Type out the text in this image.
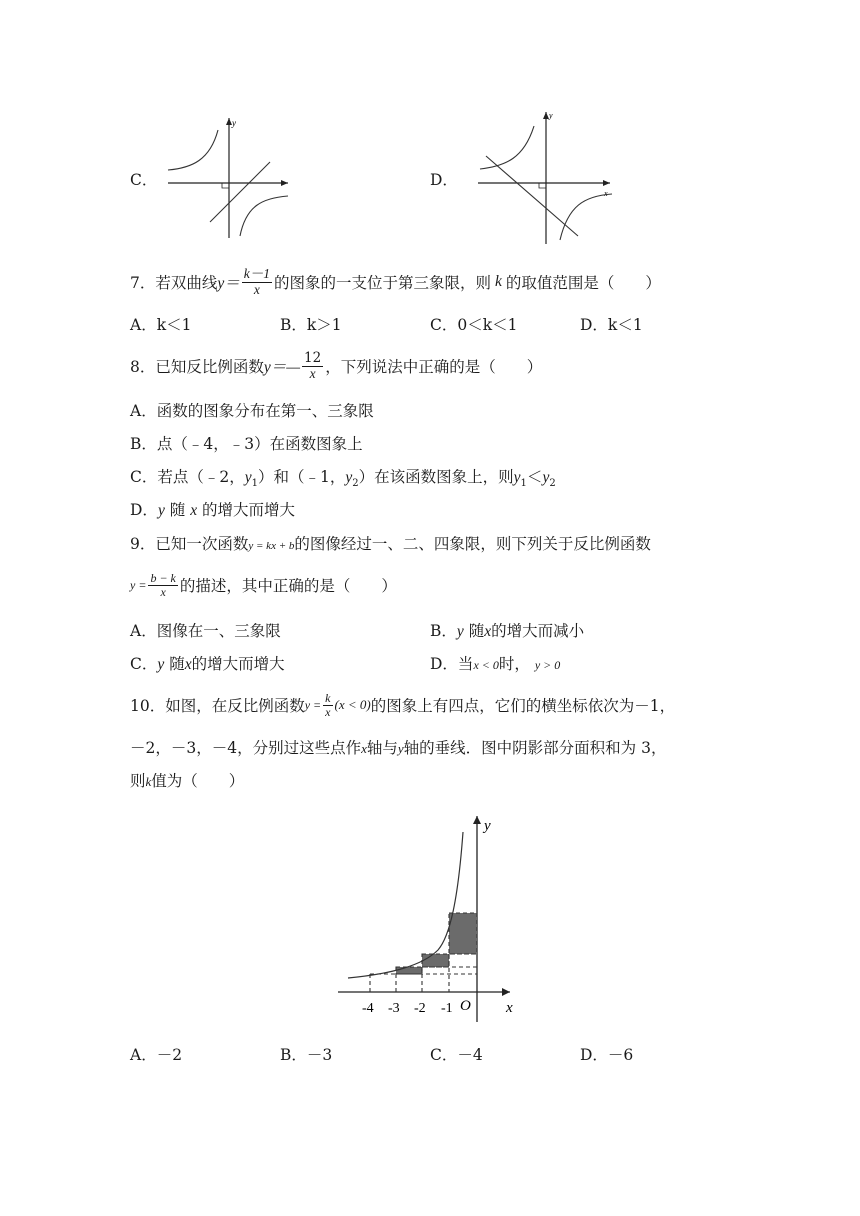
C．
y
D．
x
y
7．若双曲线 $y= \frac{k-1}{x}$ 的图象的一支位于第三象限，则 k 的取值范围是（　　）
A．k＜1	B．k＞1	C．0＜k＜1	D．k＜1
8．已知反比例函数 y＝— $\frac{12}{x}$ ，下列说法中正确的是（　　）
A．函数的图象分布在第一、三象限
B．点（﹣4，﹣3）在函数图象上
C．若点（﹣2，$y_1$）和（﹣1，$y_2$）在该函数图象上，则$y_1<y_2$
D．y 随 x 的增大而增大
9．已知一次函数y = kx + b的图像经过一、二、四象限，则下列关于反比例函数
$y = \frac{b - k}{x}$ 的描述，其中正确的是（　　）
A．图像在一、三象限	B．y 随x的增大而减小
C．y 随x的增大而增大	D．当x < 0时， y > 0
10．如图，在反比例函数 $y = \frac{k}{x} (x < 0)$ 的图象上有四点，它们的横坐标依次为－1，
－2，－3，－4，分别过这些点作x轴与y轴的垂线．图中阴影部分面积和为 3，
则k值为（　　）
y
x
O
-4 -3 -2 -1
A．－2	B．－3	C．－4	D．－6
